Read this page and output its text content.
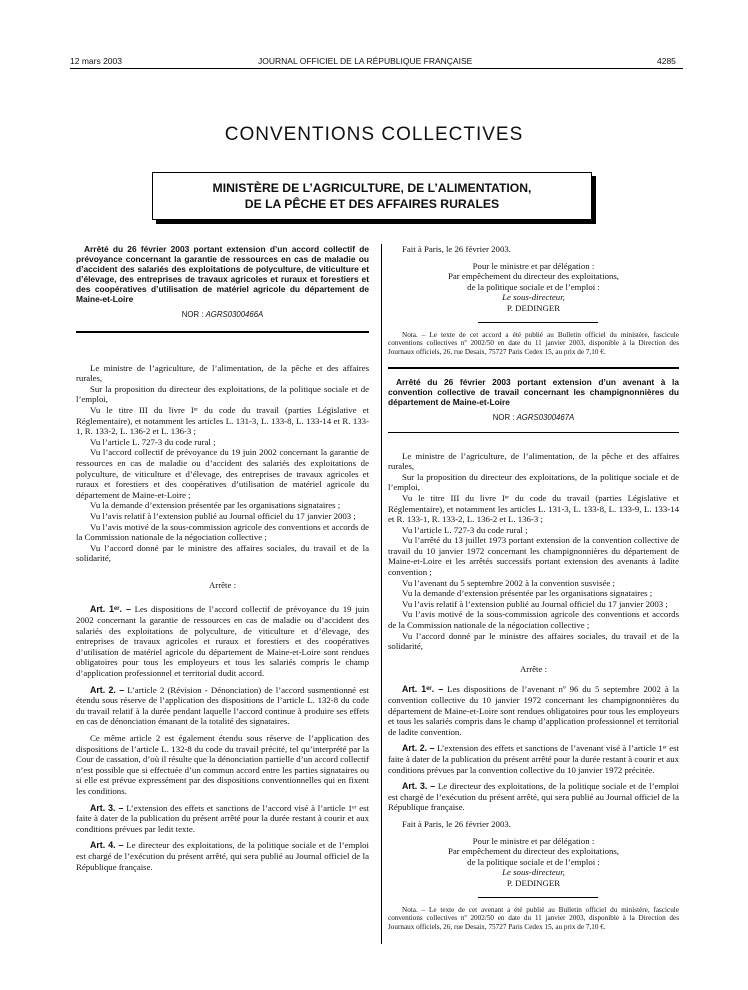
12 mars 2003	JOURNAL OFFICIEL DE LA RÉPUBLIQUE FRANÇAISE	4285
CONVENTIONS COLLECTIVES
MINISTÈRE DE L’AGRICULTURE, DE L’ALIMENTATION,
DE LA PÊCHE ET DES AFFAIRES RURALES

Arrêté du 26 février 2003 portant extension d’un accord collectif de prévoyance concernant la garantie de ressources en cas de maladie ou d’accident des salariés des exploitations de polyculture, de viticulture et d’élevage, des entreprises de travaux agricoles et ruraux et forestiers et des coopératives d’utilisation de matériel agricole du département de Maine-et-Loire

NOR : AGRS0300466A

Le ministre de l’agriculture, de l’alimentation, de la pêche et des affaires rurales,

Sur la proposition du directeur des exploitations, de la politique sociale et de l’emploi,

Vu le titre III du livre Iᵉʳ du code du travail (parties Législative et Réglementaire), et notamment les articles L. 131-3, L. 133-8, L. 133-14 et R. 133-1, R. 133-2, L. 136-2 et L. 136-3 ;

Vu l’article L. 727-3 du code rural ;

Vu l’accord collectif de prévoyance du 19 juin 2002 concernant la garantie de ressources en cas de maladie ou d’accident des salariés des exploitations de polyculture, de viticulture et d’élevage, des entreprises de travaux agricoles et ruraux et forestiers et des coopératives d’utilisation de matériel agricole du département de Maine-et-Loire ;

Vu la demande d’extension présentée par les organisations signataires ;

Vu l’avis relatif à l’extension publié au Journal officiel du 17 janvier 2003 ;

Vu l’avis motivé de la sous-commission agricole des conventions et accords de la Commission nationale de la négociation collective ;

Vu l’accord donné par le ministre des affaires sociales, du travail et de la solidarité,

Arrête :

Art. 1ᵉʳ. – Les dispositions de l’accord collectif de prévoyance du 19 juin 2002 concernant la garantie de ressources en cas de maladie ou d’accident des salariés des exploitations de polyculture, de viticulture et d’élevage, des entreprises de travaux agricoles et ruraux et forestiers et des coopératives d’utilisation de matériel agricole du département de Maine-et-Loire sont rendues obligatoires pour tous les employeurs et tous les salariés compris le champ d’application professionnel et territorial dudit accord.

Art. 2. – L’article 2 (Révision - Dénonciation) de l’accord susmentionné est étendu sous réserve de l’application des dispositions de l’article L. 132-8 du code du travail relatif à la durée pendant laquelle l’accord continue à produire ses effets en cas de dénonciation émanant de la totalité des signataires.

Ce même article 2 est également étendu sous réserve de l’application des dispositions de l’article L. 132-8 du code du travail précité, tel qu’interprété par la Cour de cassation, d’où il résulte que la dénonciation partielle d’un accord collectif n’est possible que si effectuée d’un commun accord entre les parties signataires ou si elle est prévue expressément par des dispositions conventionnelles qui en fixent les conditions.

Art. 3. – L’extension des effets et sanctions de l’accord visé à l’article 1ᵉʳ est faite à dater de la publication du présent arrêté pour la durée restant à courir et aux conditions prévues par ledit texte.

Art. 4. – Le directeur des exploitations, de la politique sociale et de l’emploi est chargé de l’exécution du présent arrêté, qui sera publié au Journal officiel de la République française.

Fait à Paris, le 26 février 2003.

Pour le ministre et par délégation :
Par empêchement du directeur des exploitations,
de la politique sociale et de l’emploi :
Le sous-directeur,
P. DEDINGER

Nota. – Le texte de cet accord a été publié au Bulletin officiel du ministère, fascicule conventions collectives nº 2002/50 en date du 11 janvier 2003, disponible à la Direction des Journaux officiels, 26, rue Desaix, 75727 Paris Cedex 15, au prix de 7,10 €.

Arrêté du 26 février 2003 portant extension d’un avenant à la convention collective de travail concernant les champignonnières du département de Maine-et-Loire

NOR : AGRS0300467A

Le ministre de l’agriculture, de l’alimentation, de la pêche et des affaires rurales,

Sur la proposition du directeur des exploitations, de la politique sociale et de l’emploi,

Vu le titre III du livre Iᵉʳ du code du travail (parties Législative et Réglementaire), et notamment les articles L. 131-3, L. 133-8, L. 133-9, L. 133-14 et R. 133-1, R. 133-2, L. 136-2 et L. 136-3 ;

Vu l’article L. 727-3 du code rural ;

Vu l’arrêté du 13 juillet 1973 portant extension de la convention collective de travail du 10 janvier 1972 concernant les champignonnières du département de Maine-et-Loire et les arrêtés successifs portant extension des avenants à ladite convention ;

Vu l’avenant du 5 septembre 2002 à la convention susvisée ;

Vu la demande d’extension présentée par les organisations signataires ;

Vu l’avis relatif à l’extension publié au Journal officiel du 17 janvier 2003 ;

Vu l’avis motivé de la sous-commission agricole des conventions et accords de la Commission nationale de la négociation collective ;

Vu l’accord donné par le ministre des affaires sociales, du travail et de la solidarité,

Arrête :

Art. 1ᵉʳ. – Les dispositions de l’avenant nº 96 du 5 septembre 2002 à la convention collective du 10 janvier 1972 concernant les champignonnières du département de Maine-et-Loire sont rendues obligatoires pour tous les employeurs et tous les salariés compris dans le champ d’application professionnel et territorial de ladite convention.

Art. 2. – L’extension des effets et sanctions de l’avenant visé à l’article 1ᵉʳ est faite à dater de la publication du présent arrêté pour la durée restant à courir et aux conditions prévues par la convention collective du 10 janvier 1972 précitée.

Art. 3. – Le directeur des exploitations, de la politique sociale et de l’emploi est chargé de l’exécution du présent arrêté, qui sera publié au Journal officiel de la République française.

Fait à Paris, le 26 février 2003.

Pour le ministre et par délégation :
Par empêchement du directeur des exploitations,
de la politique sociale et de l’emploi :
Le sous-directeur,
P. DEDINGER

Nota. – Le texte de cet avenant a été publié au Bulletin officiel du ministère, fascicule conventions collectives nº 2002/50 en date du 11 janvier 2003, disponible à la Direction des Journaux officiels, 26, rue Desaix, 75727 Paris Cedex 15, au prix de 7,10 €.
